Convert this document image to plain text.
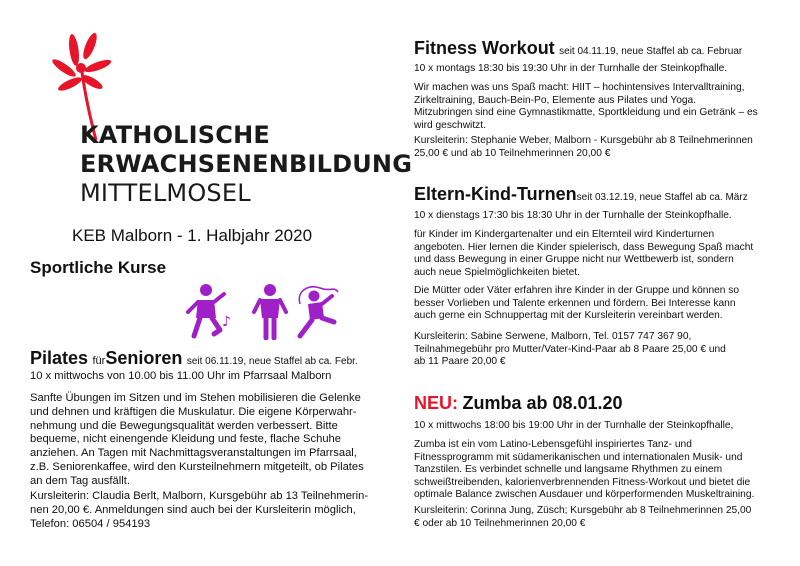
KATHOLISCHE
ERWACHSENENBILDUNG
MITTELMOSEL
KEB Malborn - 1. Halbjahr 2020
Sportliche Kurse
♪
Pilates fürSenioren seit 06.11.19, neue Staffel ab ca. Febr.
10 x mittwochs von 10.00 bis 11.00 Uhr im Pfarrsaal Malborn

Sanfte Übungen im Sitzen und im Stehen mobilisieren die Gelenke

und dehnen und kräftigen die Muskulatur. Die eigene Körperwahr-

nehmung und die Bewegungsqualität werden verbessert. Bitte

bequeme, nicht einengende Kleidung und feste, flache Schuhe

anziehen. An Tagen mit Nachmittagsveranstaltungen im Pfarrsaal,

z.B. Seniorenkaffee, wird den Kursteilnehmern mitgeteilt, ob Pilates

an dem Tag ausfällt.

Kursleiterin: Claudia Berlt, Malborn, Kursgebühr ab 13 Teilnehmerin-

nen 20,00 €. Anmeldungen sind auch bei der Kursleiterin möglich,

Telefon: 06504 / 954193

Fitness Workout seit 04.11.19, neue Staffel ab ca. Februar
10 x montags 18:30 bis 19:30 Uhr in der Turnhalle der Steinkopfhalle.

Wir machen was uns Spaß macht: HIIT – hochintensives Intervalltraining,

Zirkeltraining, Bauch-Bein-Po, Elemente aus Pilates und Yoga.

Mitzubringen sind eine Gymnastikmatte, Sportkleidung und ein Getränk – es

wird geschwitzt.

Kursleiterin: Stephanie Weber, Malborn - Kursgebühr ab 8 Teilnehmerinnen

25,00 € und ab 10 Teilnehmerinnen 20,00 €

Eltern-Kind-Turnenseit 03.12.19, neue Staffel ab ca. März
10 x dienstags 17:30 bis 18:30 Uhr in der Turnhalle der Steinkopfhalle.

für Kinder im Kindergartenalter und ein Elternteil wird Kinderturnen

angeboten. Hier lernen die Kinder spielerisch, dass Bewegung Spaß macht

und dass Bewegung in einer Gruppe nicht nur Wettbewerb ist, sondern

auch neue Spielmöglichkeiten bietet.

Die Mütter oder Väter erfahren ihre Kinder in der Gruppe und können so

besser Vorlieben und Talente erkennen und fördern. Bei Interesse kann

auch gerne ein Schnuppertag mit der Kursleiterin vereinbart werden.

Kursleiterin: Sabine Serwene, Malborn, Tel. 0157 747 367 90,

Teilnahmegebühr pro Mutter/Vater-Kind-Paar ab 8 Paare 25,00 € und

ab 11 Paare 20,00 €

NEU: Zumba ab 08.01.20
10 x mittwochs 18:00 bis 19:00 Uhr in der Turnhalle der Steinkopfhalle,

Zumba ist ein vom Latino-Lebensgefühl inspiriertes Tanz- und

Fitnessprogramm mit südamerikanischen und internationalen Musik- und

Tanzstilen. Es verbindet schnelle und langsame Rhythmen zu einem

schweißtreibenden, kalorienverbrennenden Fitness-Workout und bietet die

optimale Balance zwischen Ausdauer und körperformenden Muskeltraining.

Kursleiterin: Corinna Jung, Züsch; Kursgebühr ab 8 Teilnehmerinnen 25,00

€ oder ab 10 Teilnehmerinnen 20,00 €
